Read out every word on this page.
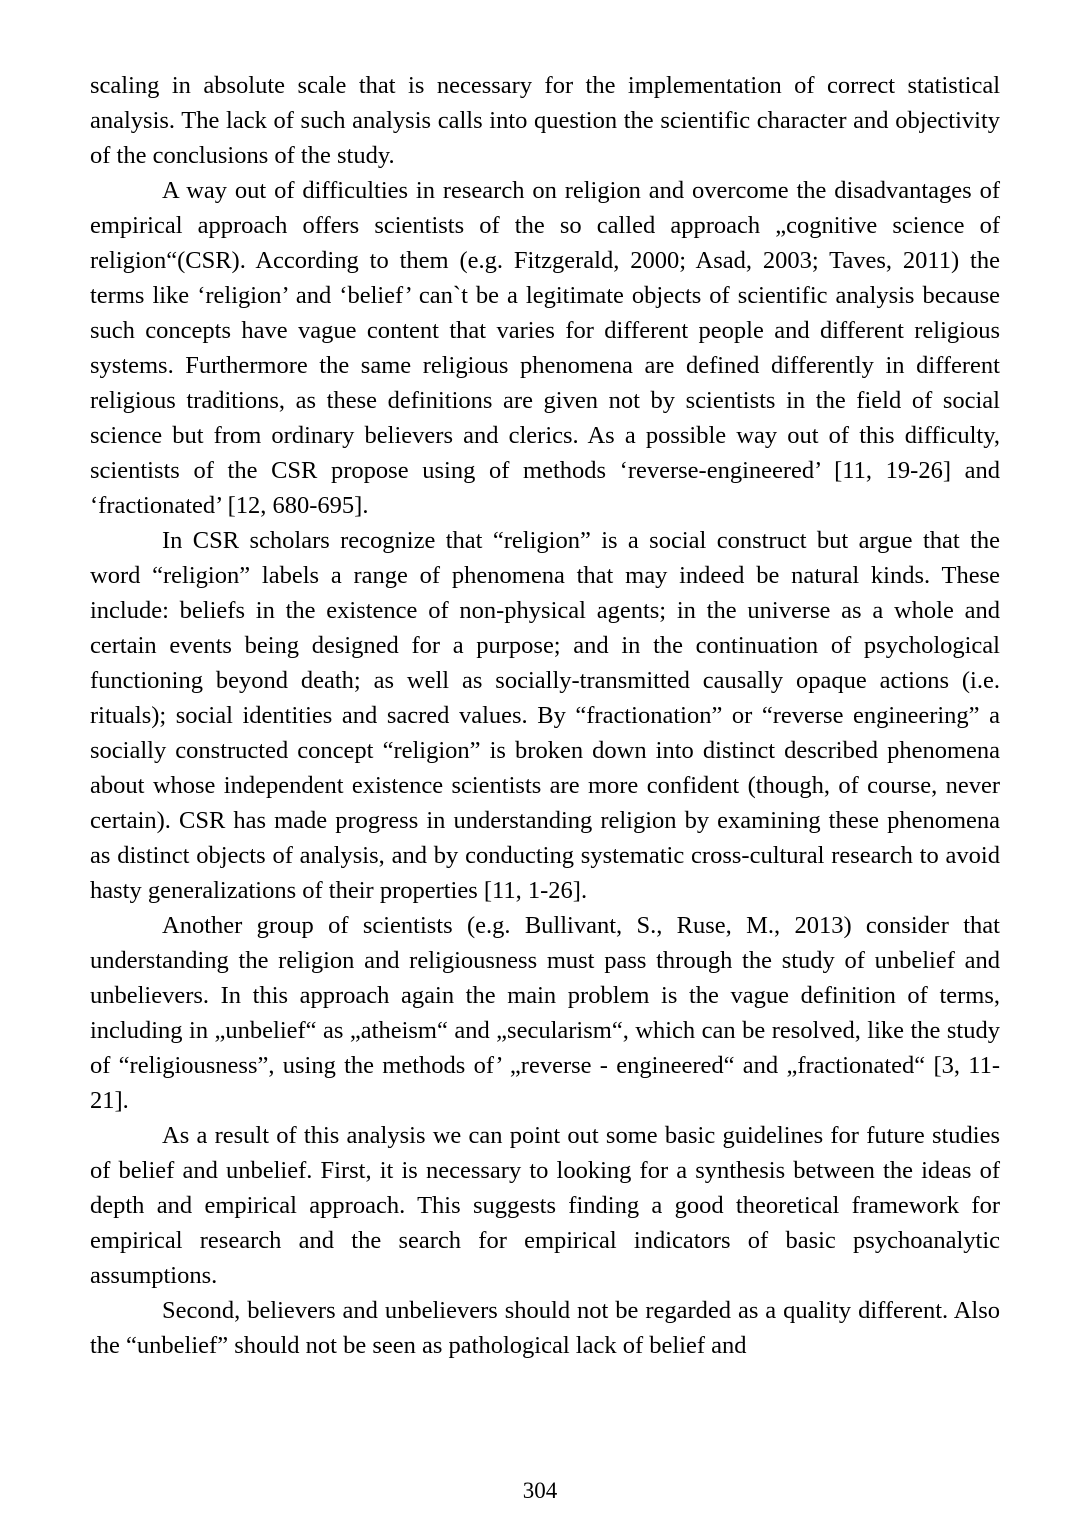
scaling in absolute scale that is necessary for the implementation of correct statistical analysis. The lack of such analysis calls into question the scientific character and objectivity of the conclusions of the study.

A way out of difficulties in research on religion and overcome the disadvantages of empirical approach offers scientists of the so called approach „cognitive science of religion“(CSR). According to them (e.g. Fitzgerald, 2000; Asad, 2003; Taves, 2011) the terms like ‘religion’ and ‘belief’ can`t be a legitimate objects of scientific analysis because such concepts have vague content that varies for different people and different religious systems. Furthermore the same religious phenomena are defined differently in different religious traditions, as these definitions are given not by scientists in the field of social science but from ordinary believers and clerics. As a possible way out of this difficulty, scientists of the CSR propose using of methods ‘reverse-engineered’ [11, 19-26] and ‘fractionated’ [12, 680-695].

In CSR scholars recognize that “religion” is a social construct but argue that the word “religion” labels a range of phenomena that may indeed be natural kinds. These include: beliefs in the existence of non-physical agents; in the universe as a whole and certain events being designed for a purpose; and in the continuation of psychological functioning beyond death; as well as socially-transmitted causally opaque actions (i.e. rituals); social identities and sacred values. By “fractionation” or “reverse engineering” a socially constructed concept “religion” is broken down into distinct described phenomena about whose independent existence scientists are more confident (though, of course, never certain). CSR has made progress in understanding religion by examining these phenomena as distinct objects of analysis, and by conducting systematic cross-cultural research to avoid hasty generalizations of their properties [11, 1-26].

Another group of scientists (e.g. Bullivant, S., Ruse, M., 2013) consider that understanding the religion and religiousness must pass through the study of unbelief and unbelievers. In this approach again the main problem is the vague definition of terms, including in „unbelief“ as „atheism“ and „secularism“, which can be resolved, like the study of “religiousness”, using the methods of’ „reverse - engineered“ and „fractionated“ [3, 11-21].

As a result of this analysis we can point out some basic guidelines for future studies of belief and unbelief. First, it is necessary to looking for a synthesis between the ideas of depth and empirical approach. This suggests finding a good theoretical framework for empirical research and the search for empirical indicators of basic psychoanalytic assumptions.

Second, believers and unbelievers should not be regarded as a quality different. Also the “unbelief” should not be seen as pathological lack of belief and

304
